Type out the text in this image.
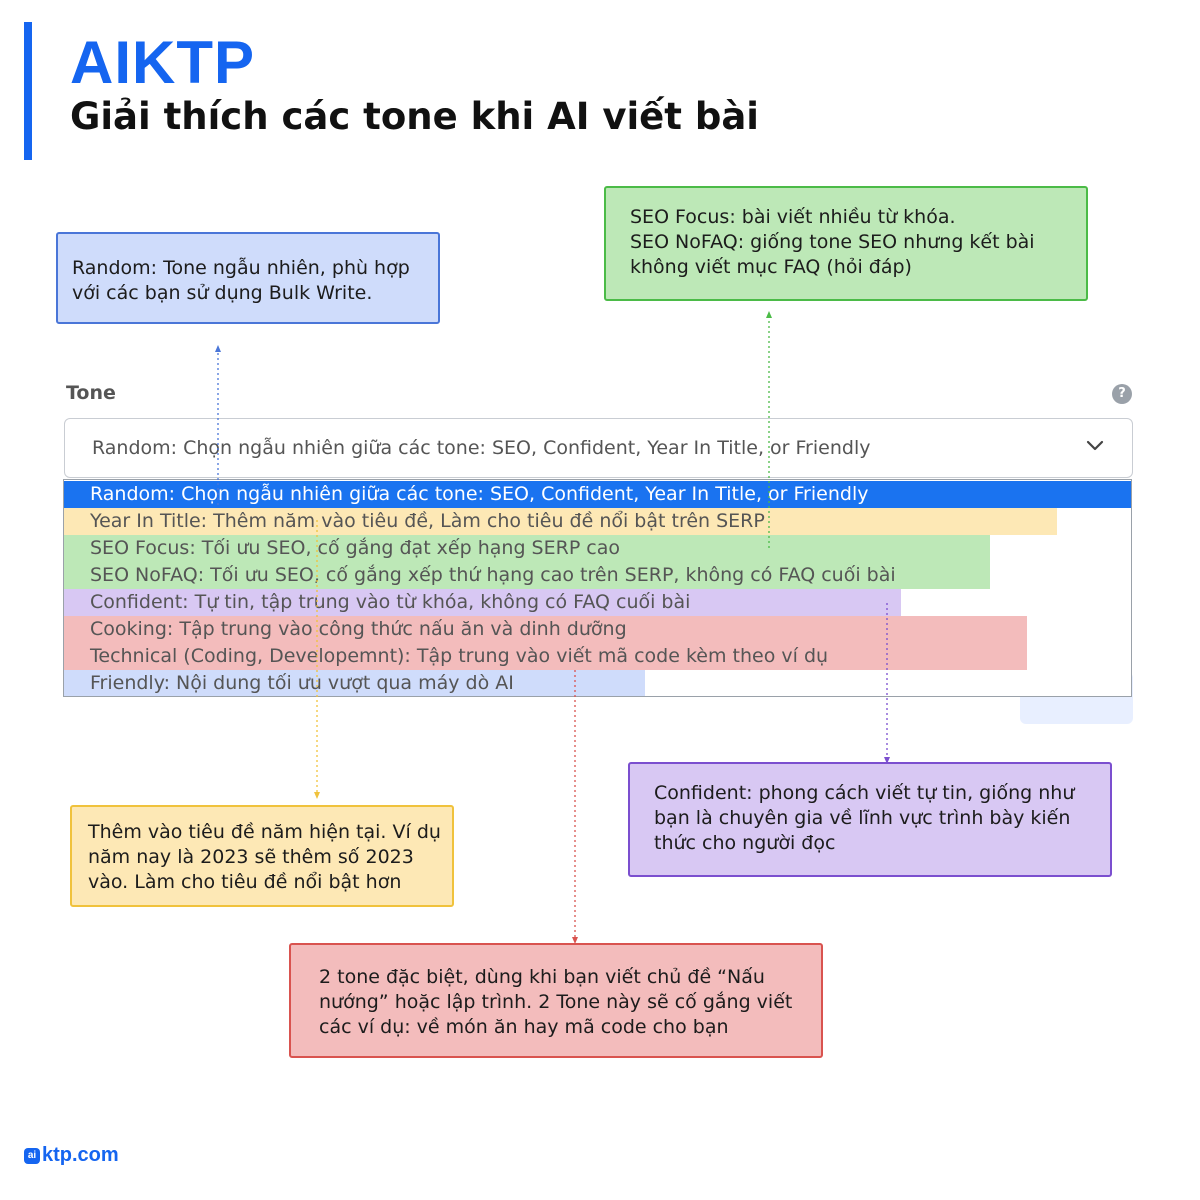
AIKTP
Giải thích các tone khi AI viết bài
Random: Tone ngẫu nhiên, phù hợp
với các bạn sử dụng Bulk Write.
SEO Focus: bài viết nhiều từ khóa.
SEO NoFAQ: giống tone SEO nhưng kết bài
không viết mục FAQ (hỏi đáp)
Tone	?
Random: Chọn ngẫu nhiên giữa các tone: SEO, Confident, Year In Title, or Friendly
Random: Chọn ngẫu nhiên giữa các tone: SEO, Confident, Year In Title, or Friendly
Year In Title: Thêm năm vào tiêu đề, Làm cho tiêu đề nổi bật trên SERP
SEO Focus: Tối ưu SEO, cố gắng đạt xếp hạng SERP cao
SEO NoFAQ: Tối ưu SEO, cố gắng xếp thứ hạng cao trên SERP, không có FAQ cuối bài
Confident: Tự tin, tập trung vào từ khóa, không có FAQ cuối bài
Cooking: Tập trung vào công thức nấu ăn và dinh dưỡng
Technical (Coding, Developemnt): Tập trung vào viết mã code kèm theo ví dụ
Friendly: Nội dung tối ưu vượt qua máy dò AI
Thêm vào tiêu đề năm hiện tại. Ví dụ
năm nay là 2023 sẽ thêm số 2023
vào. Làm cho tiêu đề nổi bật hơn
Confident: phong cách viết tự tin, giống như
bạn là chuyên gia về lĩnh vực trình bày kiến
thức cho người đọc
2 tone đặc biệt, dùng khi bạn viết chủ đề “Nấu
nướng” hoặc lập trình. 2 Tone này sẽ cố gắng viết
các ví dụ: về món ăn hay mã code cho bạn
ai ktp.com
